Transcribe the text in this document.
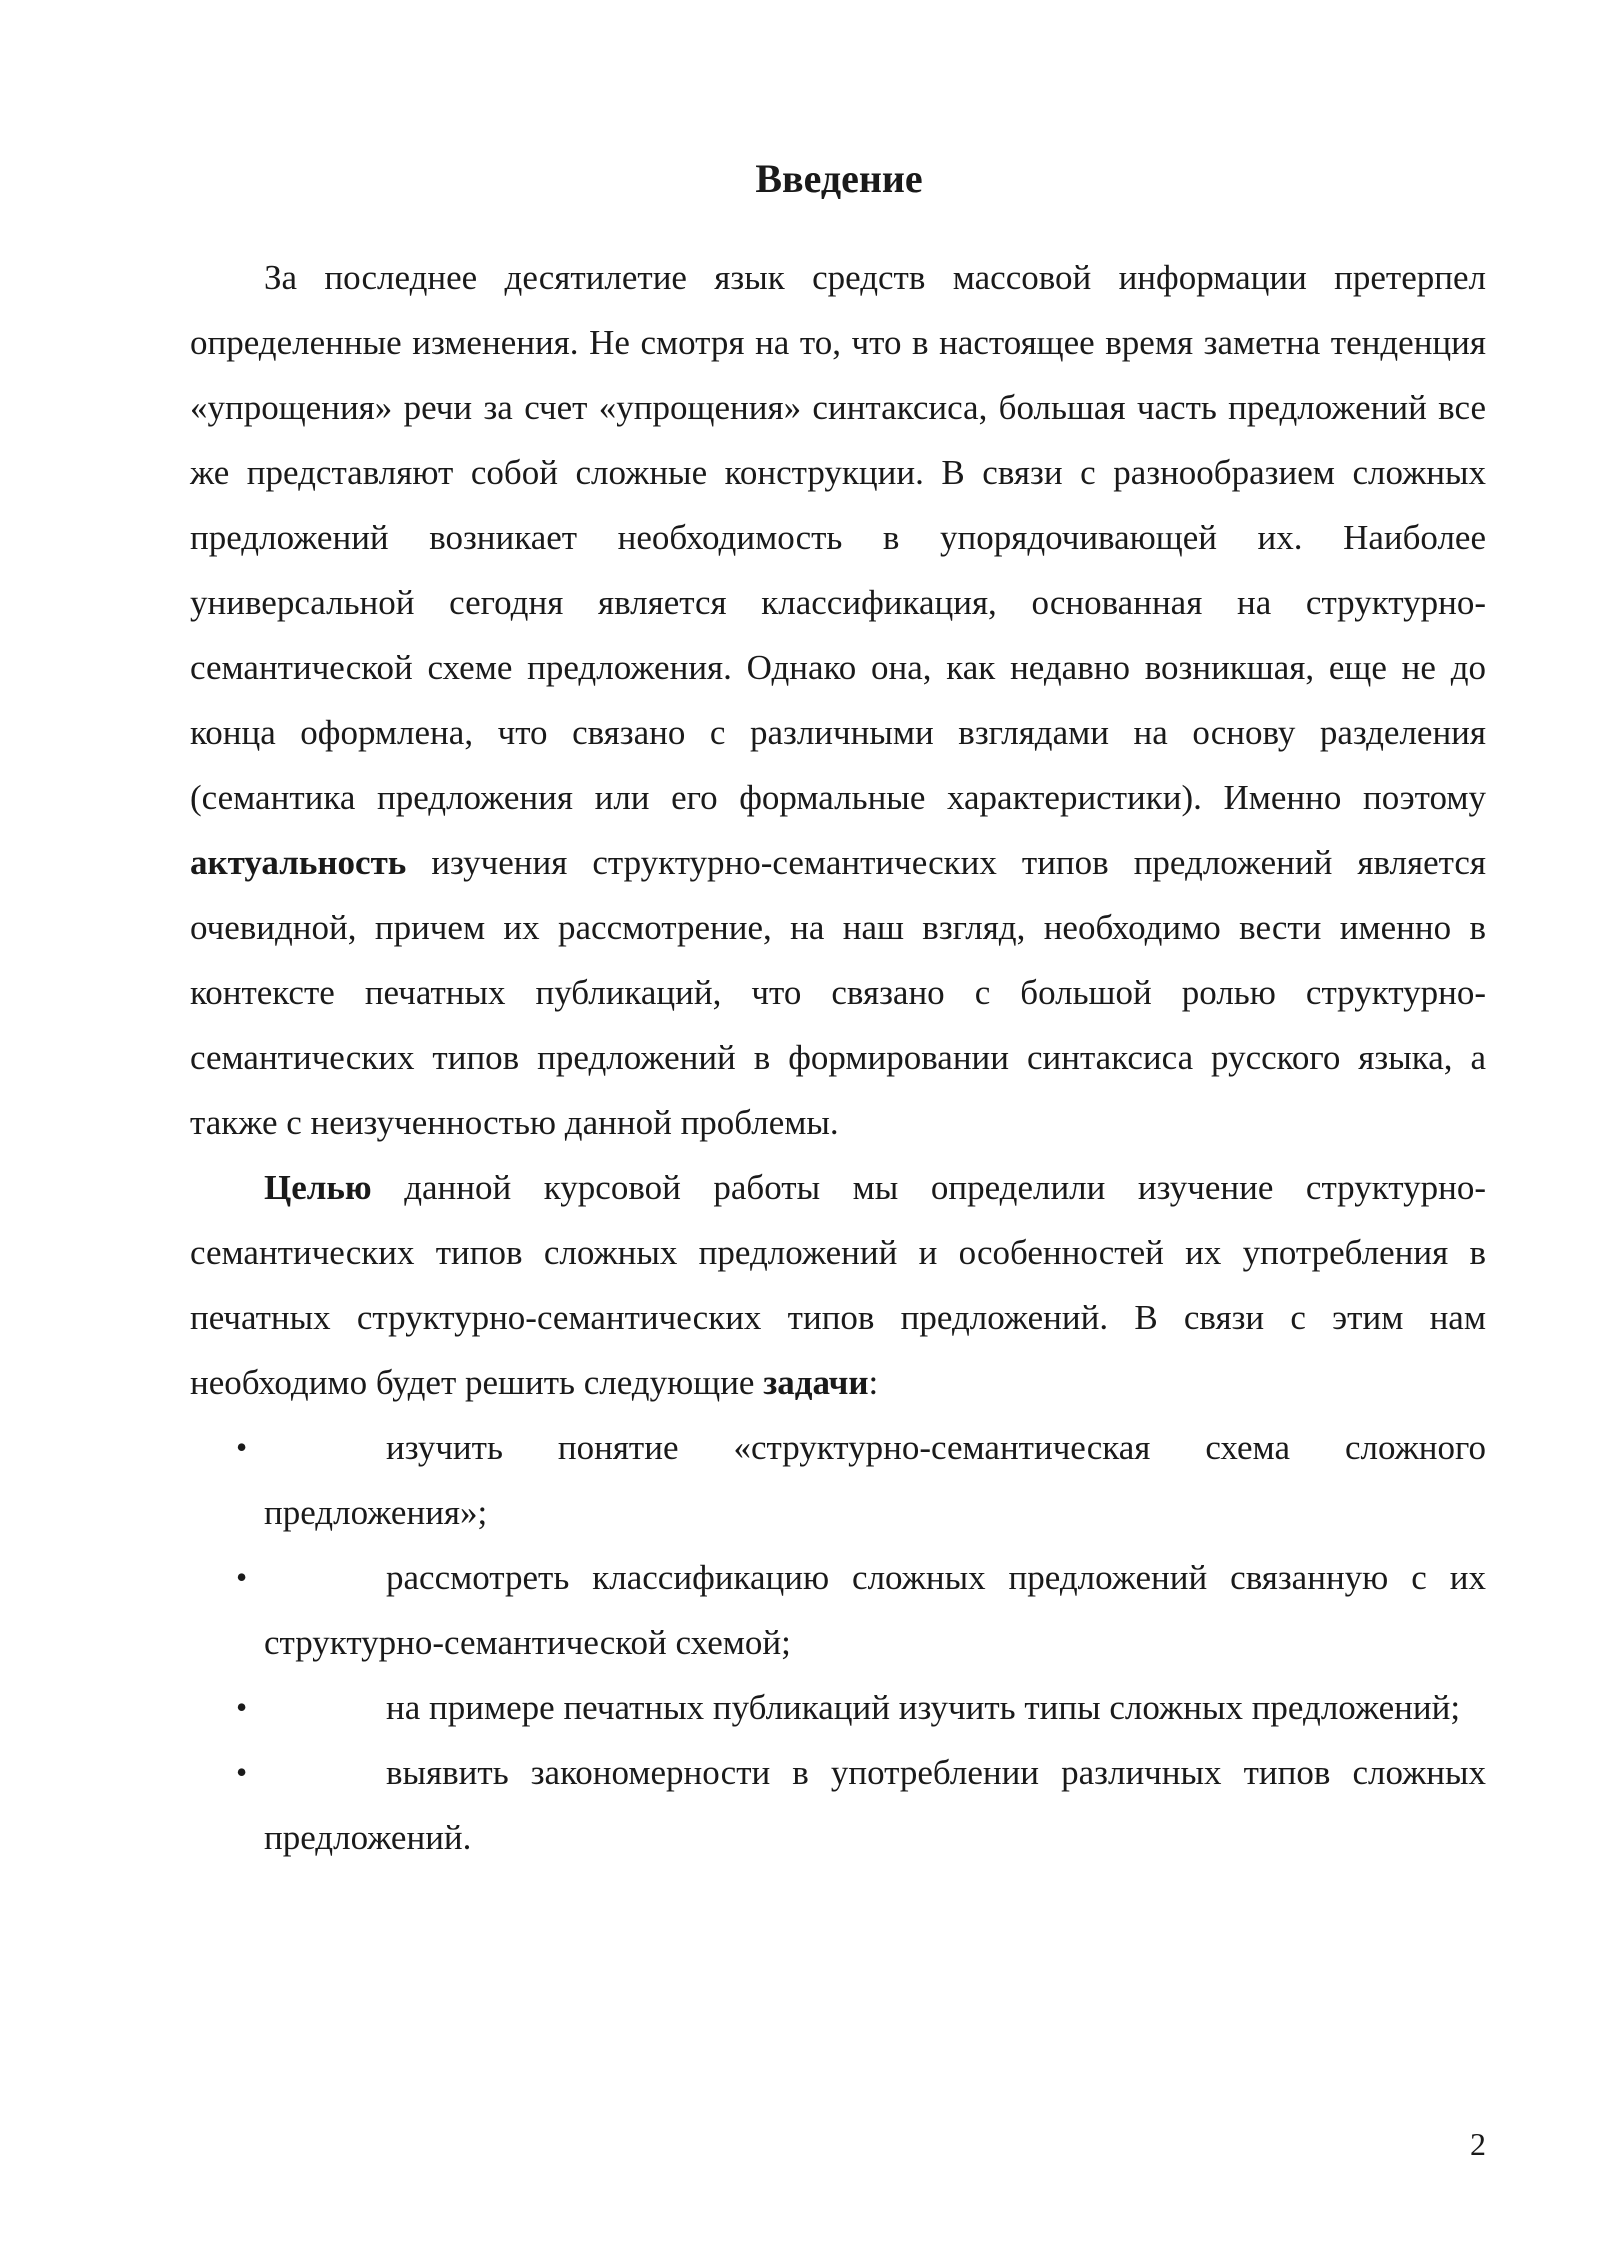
Введение

За последнее десятилетие язык средств массовой информации претерпел определенные изменения. Не смотря на то, что в настоящее время заметна тенденция «упрощения» речи за счет «упрощения» синтаксиса, большая часть предложений все же представляют собой сложные конструкции. В связи с разнообразием сложных предложений возникает необходимость в упорядочивающей их. Наиболее универсальной сегодня является классификация, основанная на структурно-семантической схеме предложения. Однако она, как недавно возникшая, еще не до конца оформлена, что связано с различными взглядами на основу разделения (семантика предложения или его формальные характеристики). Именно поэтому актуальность изучения структурно-семантических типов предложений является очевидной, причем их рассмотрение, на наш взгляд, необходимо вести именно в контексте печатных публикаций, что связано с большой ролью структурно-семантических типов предложений в формировании синтаксиса русского языка, а также с неизученностью данной проблемы.

Целью данной курсовой работы мы определили изучение структурно-семантических типов сложных предложений и особенностей их употребления в печатных структурно-семантических типов предложений. В связи с этим нам необходимо будет решить следующие задачи:

•	изучить понятие «структурно-семантическая схема сложного предложения»;
•	рассмотреть классификацию сложных предложений связанную с их структурно-семантической схемой;
•	на примере печатных публикаций изучить типы сложных предложений;
•	выявить закономерности в употреблении различных типов сложных предложений.
2
